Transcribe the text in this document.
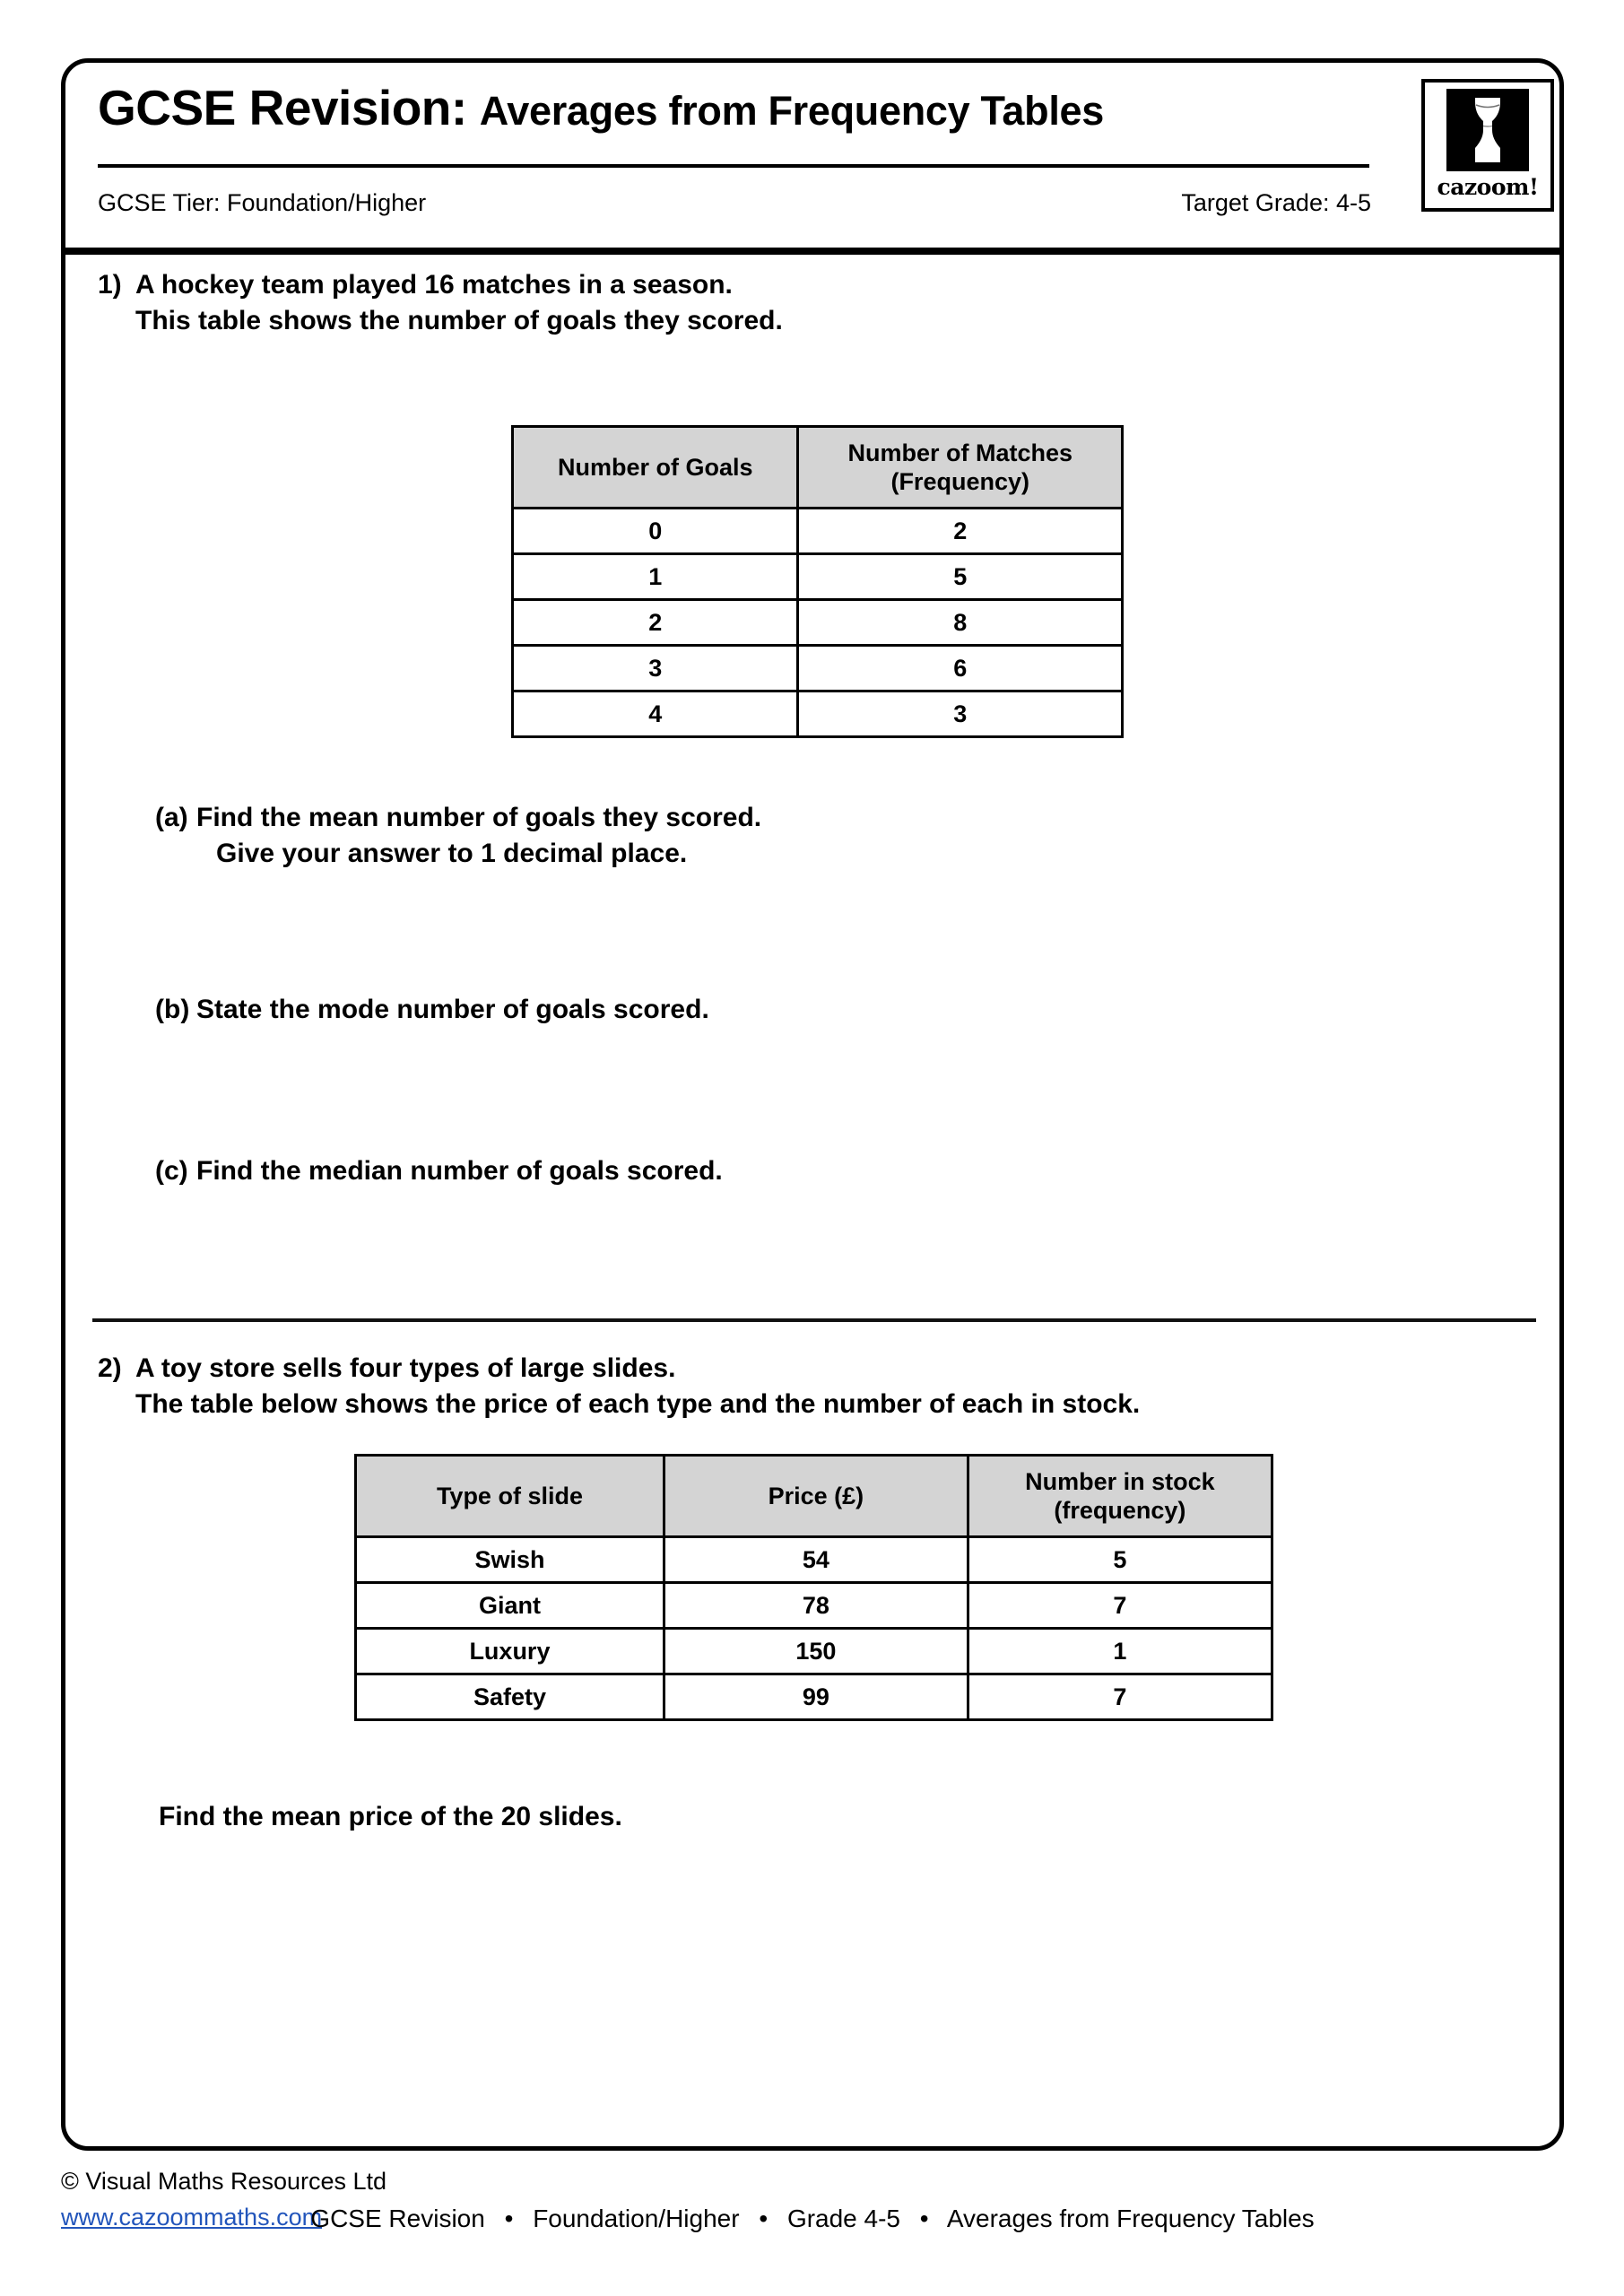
GCSE Revision: Averages from Frequency Tables
GCSE Tier: Foundation/Higher	Target Grade: 4-5
cazoom!
1) A hockey team played 16 matches in a season.
This table shows the number of goals they scored.
Number of Goals	Number of Matches
(Frequency)

0	2
1	5
2	8
3	6
4	3
(a) Find the mean number of goals they scored.
Give your answer to 1 decimal place.
(b) State the mode number of goals scored.
(c) Find the median number of goals scored.
2) A toy store sells four types of large slides.
The table below shows the price of each type and the number of each in stock.
Type of slide	Price (£)	Number in stock
(frequency)

Swish	54	5
Giant	78	7
Luxury	150	1
Safety	99	7
Find the mean price of the 20 slides.
© Visual Maths Resources Ltd
www.cazoommaths.com
GCSE Revision • Foundation/Higher • Grade 4-5 • Averages from Frequency Tables
